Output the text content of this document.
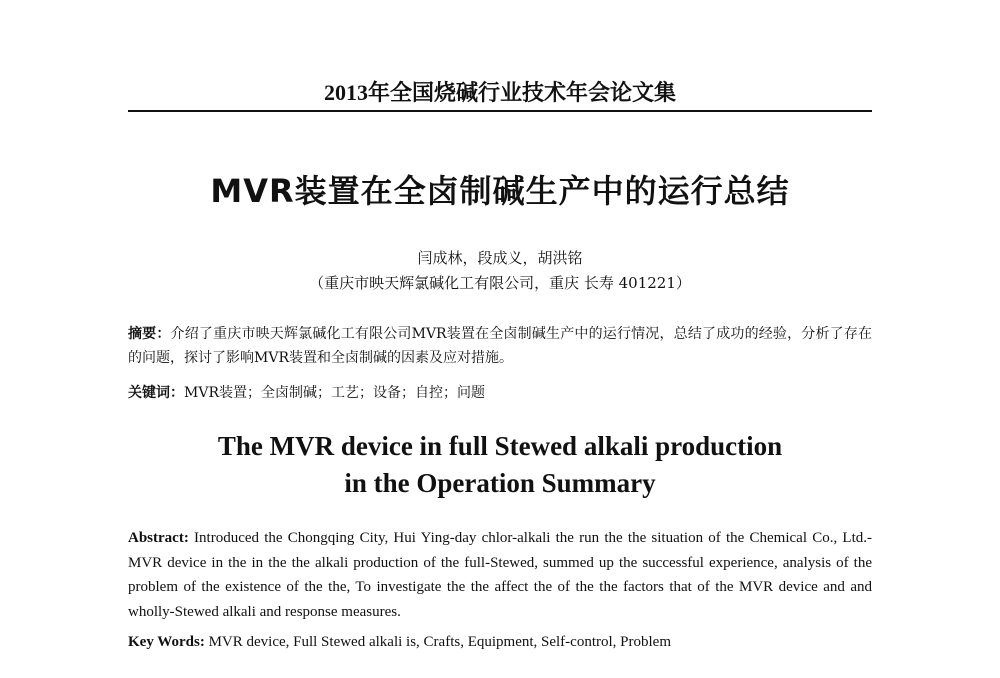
2013年全国烧碱行业技术年会论文集
MVR装置在全卤制碱生产中的运行总结
闫成林，段成义，胡洪铭
（重庆市映天辉氯碱化工有限公司，重庆 长寿 401221）
摘要：介绍了重庆市映天辉氯碱化工有限公司MVR装置在全卤制碱生产中的运行情况，总结了成功的经验，分析了存在的问题，探讨了影响MVR装置和全卤制碱的因素及应对措施。
关键词：MVR装置；全卤制碱；工艺；设备；自控；问题
The MVR device in full Stewed alkali production
in the Operation Summary
Abstract: Introduced the Chongqing City, Hui Ying-day chlor-alkali the run the the situation of the Chemical Co., Ltd.-MVR device in the in the the alkali production of the full-Stewed, summed up the successful experience, analysis of the problem of the existence of the the, To investigate the the affect the of the the factors that of the MVR device and and wholly-Stewed alkali and response measures.
Key Words: MVR device, Full Stewed alkali is, Crafts, Equipment, Self-control, Problem
